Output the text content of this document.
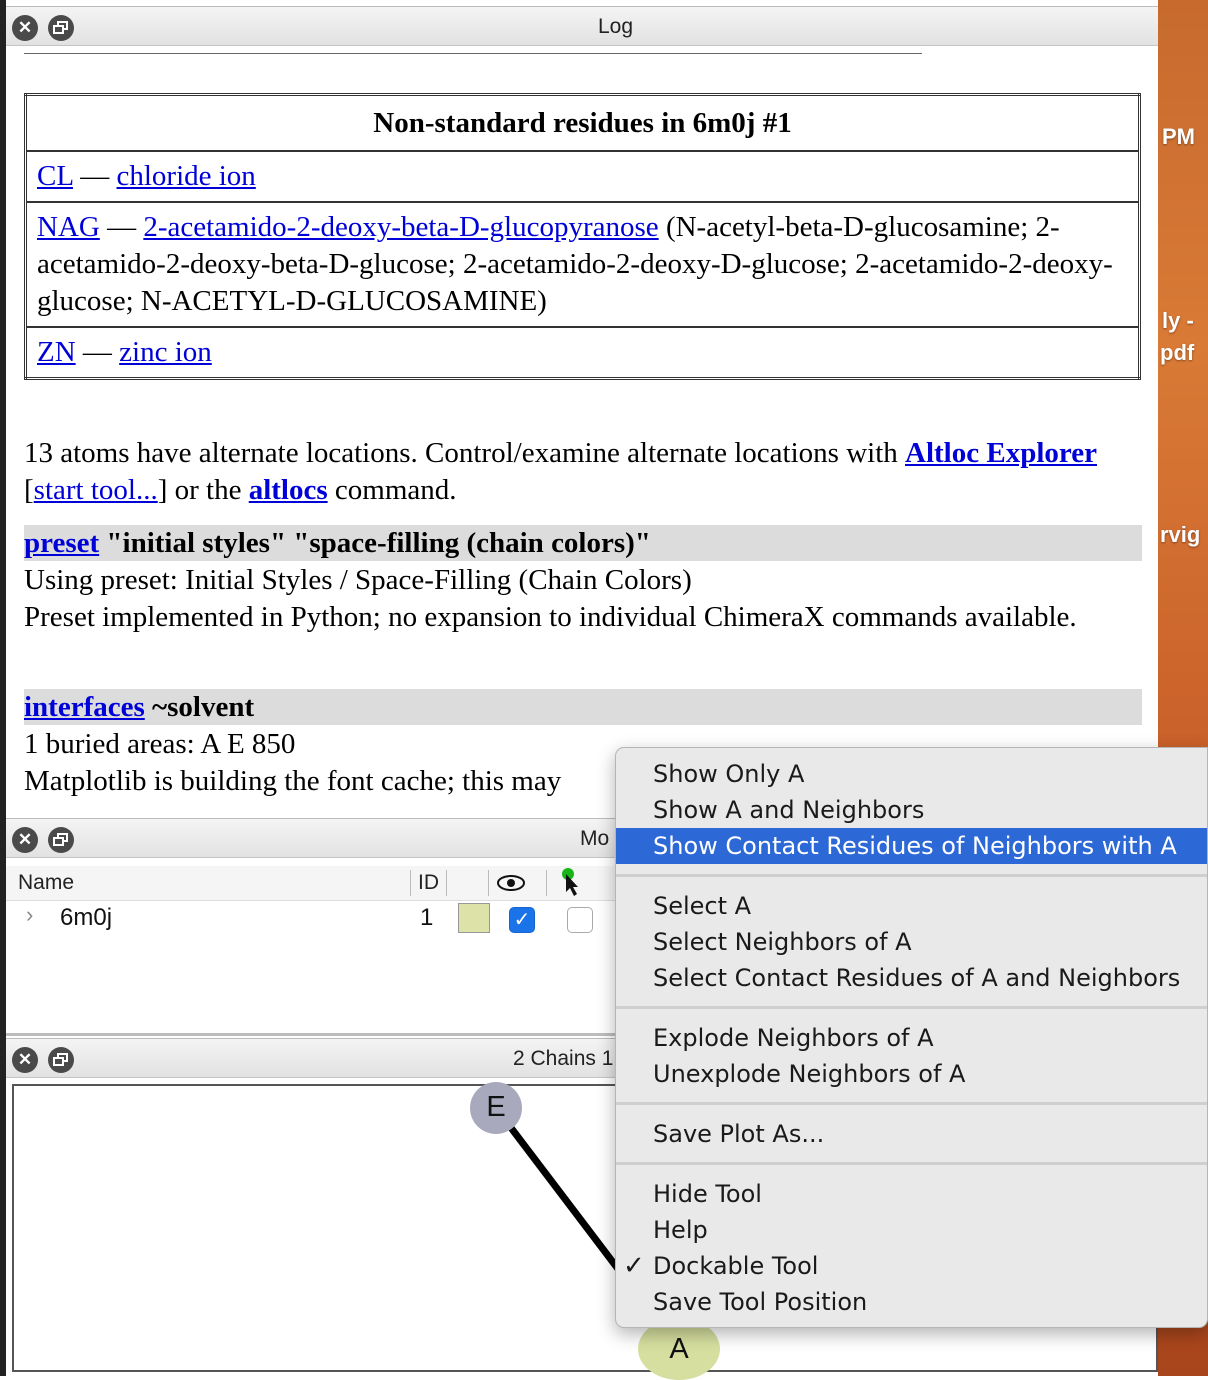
PM
ly -
pdf
rvig
✕	Log
Non-standard residues in 6m0j #1
CL — chloride ion
NAG — 2-acetamido-2-deoxy-beta-D-glucopyranose (N-acetyl-beta-D-glucosamine; 2-acetamido-2-deoxy-beta-D-glucose; 2-acetamido-2-deoxy-D-glucose; 2-acetamido-2-deoxy-glucose; N-ACETYL-D-GLUCOSAMINE)
ZN — zinc ion
13 atoms have alternate locations. Control/examine alternate locations with Altloc Explorer [start tool...] or the altlocs command.
preset "initial styles" "space-filling (chain colors)"
Using preset: Initial Styles / Space-Filling (Chain Colors)
Preset implemented in Python; no expansion to individual ChimeraX commands available.
interfaces ~solvent
1 buried areas: A E 850
Matplotlib is building the font cache; this may
✕	Mo
Name	ID
› 6m0j	1	✓
✕	2 Chains 1
E
A
Show Only A
Show A and Neighbors
Show Contact Residues of Neighbors with A
Select A
Select Neighbors of A
Select Contact Residues of A and Neighbors
Explode Neighbors of A
Unexplode Neighbors of A
Save Plot As...
Hide Tool
Help
✓ Dockable Tool
Save Tool Position
